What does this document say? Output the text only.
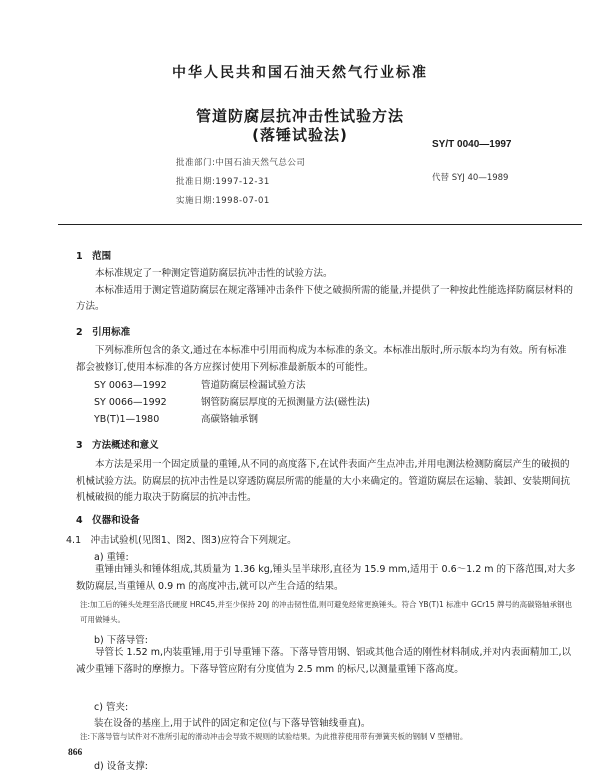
中华人民共和国石油天然气行业标准
管道防腐层抗冲击性试验方法
(落锤试验法)
SY/T 0040—1997
批准部门:中国石油天然气总公司
批准日期:1997-12-31
实施日期:1998-07-01
代替 SYJ 40—1989
1　范围
本标准规定了一种测定管道防腐层抗冲击性的试验方法。
本标准适用于测定管道防腐层在规定落锤冲击条件下使之破损所需的能量,并提供了一种按此性能选择防腐层材料的方法。
2　引用标准
下列标准所包含的条文,通过在本标准中引用而构成为本标准的条文。本标准出版时,所示版本均为有效。所有标准都会被修订,使用本标准的各方应探讨使用下列标准最新版本的可能性。
SY 0063—1992	管道防腐层检漏试验方法
SY 0066—1992	钢管防腐层厚度的无损测量方法(磁性法)
YB(T)1—1980	高碳铬轴承钢
3　方法概述和意义
本方法是采用一个固定质量的重锤,从不同的高度落下,在试件表面产生点冲击,并用电测法检测防腐层产生的破损的机械试验方法。防腐层的抗冲击性是以穿透防腐层所需的能量的大小来确定的。管道防腐层在运输、装卸、安装期间抗机械破损的能力取决于防腐层的抗冲击性。
4　仪器和设备
4.1　冲击试验机(见图1、图2、图3)应符合下列规定。
a) 重锤:
重锤由锤头和锤体组成,其质量为 1.36 kg,锤头呈半球形,直径为 15.9 mm,适用于 0.6～1.2 m 的下落范围,对大多数防腐层,当重锤从 0.9 m 的高度冲击,就可以产生合适的结果。
注:加工后的锤头处理至洛氏硬度 HRC45,并至少保持 20J 的冲击韧性值,则可避免经常更换锤头。符合 YB(T)1 标准中 GCr15 牌号的高碳铬轴承钢也可用做锤头。
b) 下落导管:
导管长 1.52 m,内装重锤,用于引导重锤下落。下落导管用钢、铝或其他合适的刚性材料制成,并对内表面精加工,以减少重锤下落时的摩擦力。下落导管应附有分度值为 2.5 mm 的标尺,以测量重锤下落高度。
c) 管夹:
装在设备的基座上,用于试件的固定和定位(与下落导管轴线垂直)。
注:下落导管与试件对不准所引起的滑动冲击会导致不规则的试验结果。为此推荐使用带有弹簧夹板的钢制 V 型槽钳。
d) 设备支撑:
866
